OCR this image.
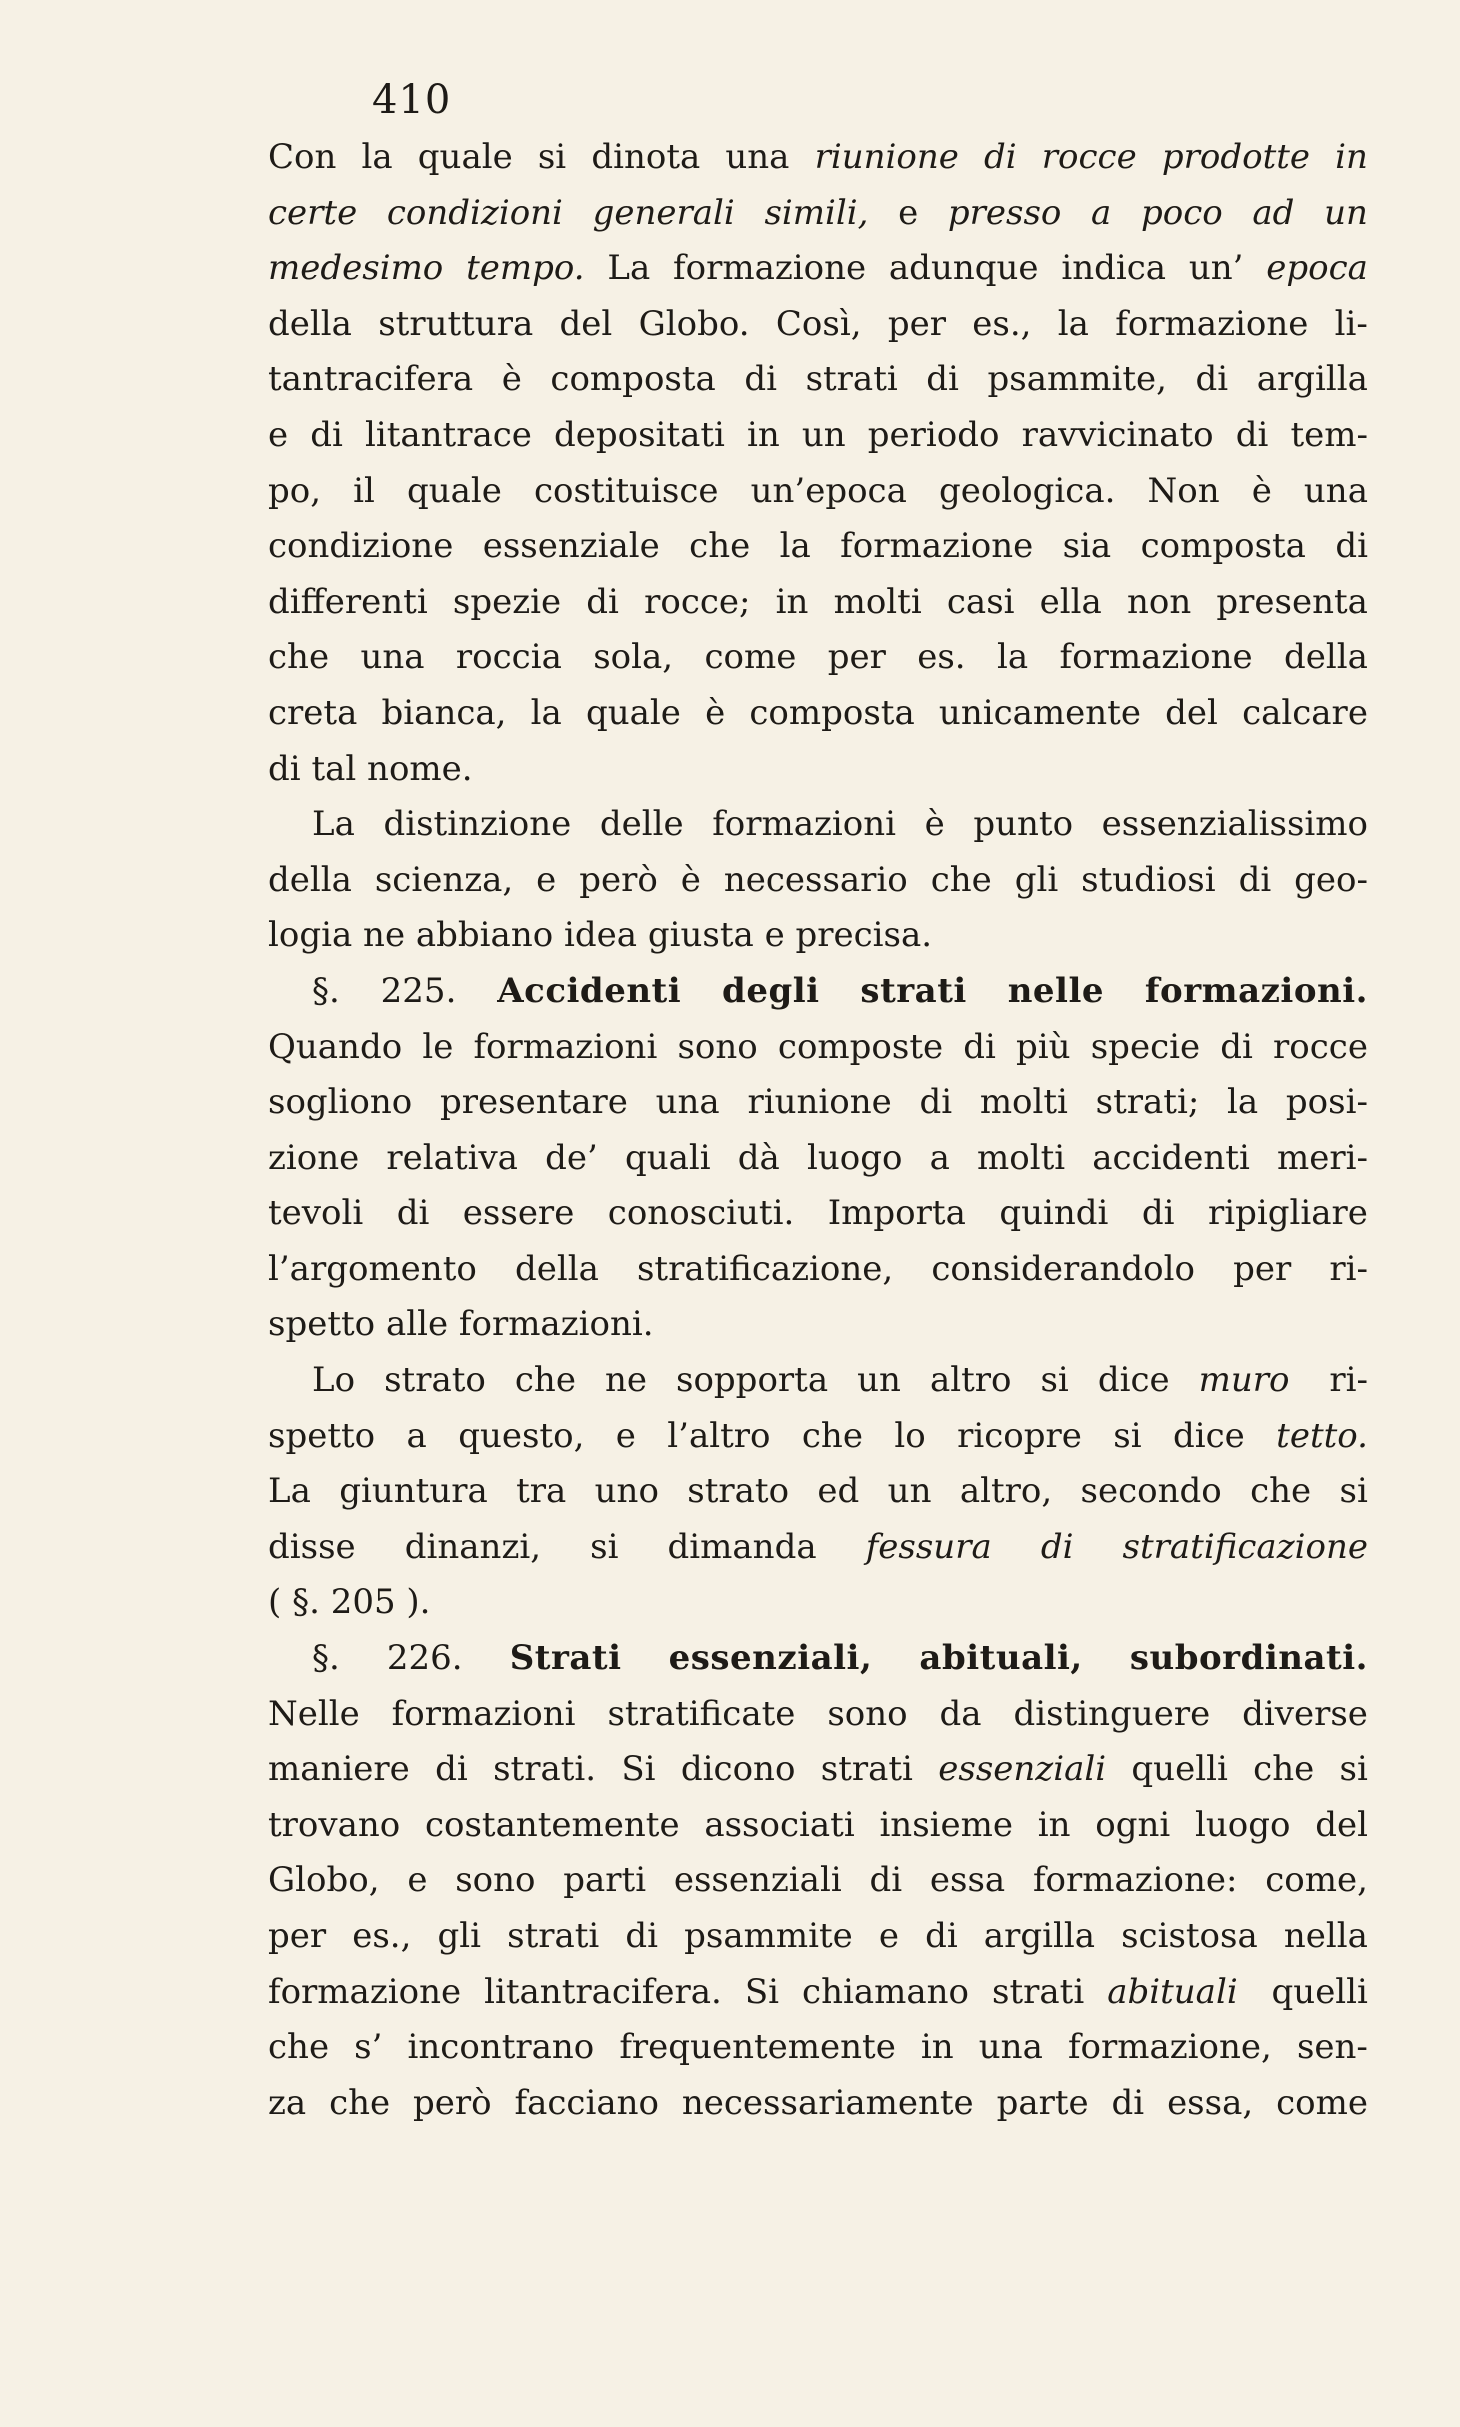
410
Con la quale si dinota una riunione di rocce prodotte in
certe condizioni generali simili, e presso a poco ad un
medesimo tempo. La formazione adunque indica un’ epoca
della struttura del Globo. Così, per es., la formazione li-
tantracifera è composta di strati di psammite, di argilla
e di litantrace depositati in un periodo ravvicinato di tem-
po, il quale costituisce un’epoca geologica. Non è una
condizione essenziale che la formazione sia composta di
differenti spezie di rocce; in molti casi ella non presenta
che una roccia sola, come per es. la formazione della
creta bianca, la quale è composta unicamente del calcare
di tal nome.
La distinzione delle formazioni è punto essenzialissimo
della scienza, e però è necessario che gli studiosi di geo-
logia ne abbiano idea giusta e precisa.
§. 225. Accidenti degli strati nelle formazioni.
Quando le formazioni sono composte di più specie di rocce
sogliono presentare una riunione di molti strati; la posi-
zione relativa de’ quali dà luogo a molti accidenti meri-
tevoli di essere conosciuti. Importa quindi di ripigliare
l’argomento della stratificazione, considerandolo per ri-
spetto alle formazioni.
Lo strato che ne sopporta un altro si dice muro ri-
spetto a questo, e l’altro che lo ricopre si dice tetto.
La giuntura tra uno strato ed un altro, secondo che si
disse dinanzi, si dimanda fessura di stratificazione
( §. 205 ).
§. 226. Strati essenziali, abituali, subordinati.
Nelle formazioni stratificate sono da distinguere diverse
maniere di strati. Si dicono strati essenziali quelli che si
trovano costantemente associati insieme in ogni luogo del
Globo, e sono parti essenziali di essa formazione: come,
per es., gli strati di psammite e di argilla scistosa nella
formazione litantracifera. Si chiamano strati abituali quelli
che s’ incontrano frequentemente in una formazione, sen-
za che però facciano necessariamente parte di essa, come
